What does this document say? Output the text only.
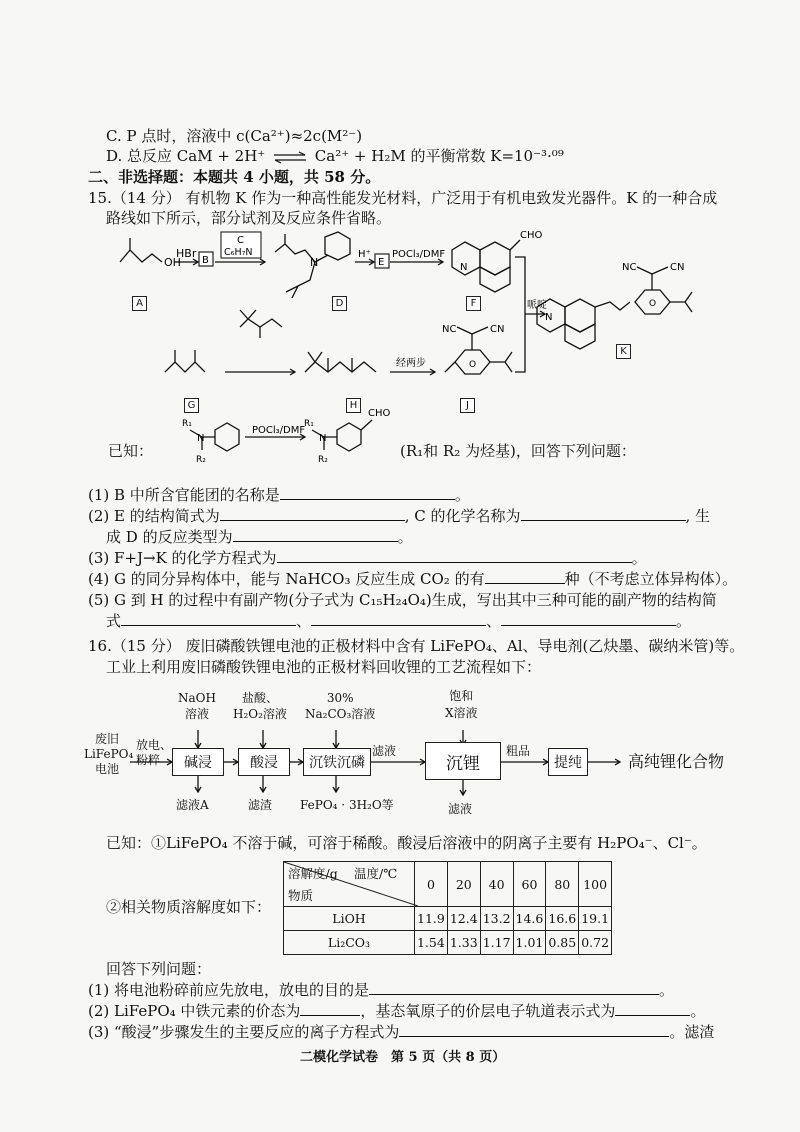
C. P 点时，溶液中 c(Ca²⁺)≈2c(M²⁻)
D. 总反应 CaM + 2H⁺ ⇌ Ca²⁺ + H₂M 的平衡常数 K=10⁻³·⁰⁹
二、非选择题：本题共 4 小题，共 58 分。
15.（14 分） 有机物 K 作为一种高性能发光材料，广泛用于有机电致发光器件。K 的一种合成
路线如下所示，部分试剂及反应条件省略。
OH
HBr
B
C
C₆H₇N
N
H⁺
E
POCl₃/DMF
CHO
N
哌啶
NC	CN
O
N
经两步
NC	CN
O
N
R₁
R₂
POCl₃/DMF
N
R₁
R₂
CHO
A	D	F
K
G	H	J
已知：	(R₁和 R₂ 为烃基)，回答下列问题：
(1) B 中所含官能团的名称是	。
(2) E 的结构简式为	, C 的化学名称为	, 生
成 D 的反应类型为	。
(3) F+J→K 的化学方程式为	。
(4) G 的同分异构体中，能与 NaHCO₃ 反应生成 CO₂ 的有	种（不考虑立体异构体）。
(5) G 到 H 的过程中有副产物(分子式为 C₁₅H₂₄O₄)生成，写出其中三种可能的副产物的结构简
式	、	、	。
16.（15 分） 废旧磷酸铁锂电池的正极材料中含有 LiFePO₄、Al、导电剂(乙炔墨、碳纳米管)等。
工业上利用废旧磷酸铁锂电池的正极材料回收锂的工艺流程如下：
废旧
LiFePO₄
电池
放电、
粉粹	碱浸	酸浸	沉铁沉磷	沉锂	提纯
NaOH
溶液
盐酸、
H₂O₂溶液
30%
Na₂CO₃溶液
饱和
X溶液
滤液	粗品
高纯锂化合物
滤液A	滤渣 FePO₄ · 3H₂O等	滤液
已知：①LiFePO₄ 不溶于碱，可溶于稀酸。酸浸后溶液中的阴离子主要有 H₂PO₄⁻、Cl⁻。
②相关物质溶解度如下：
溶解度/g 温度/℃
物质	0	20	40	60	80	100
LiOH	11.9	12.4	13.2	14.6	16.6	19.1
Li₂CO₃	1.54	1.33	1.17	1.01	0.85	0.72
回答下列问题：
(1) 将电池粉碎前应先放电，放电的目的是	。
(2) LiFePO₄ 中铁元素的价态为	，基态氧原子的价层电子轨道表示式为	。
(3) “酸浸”步骤发生的主要反应的离子方程式为	。滤渣
二模化学试卷　第 5 页（共 8 页）
